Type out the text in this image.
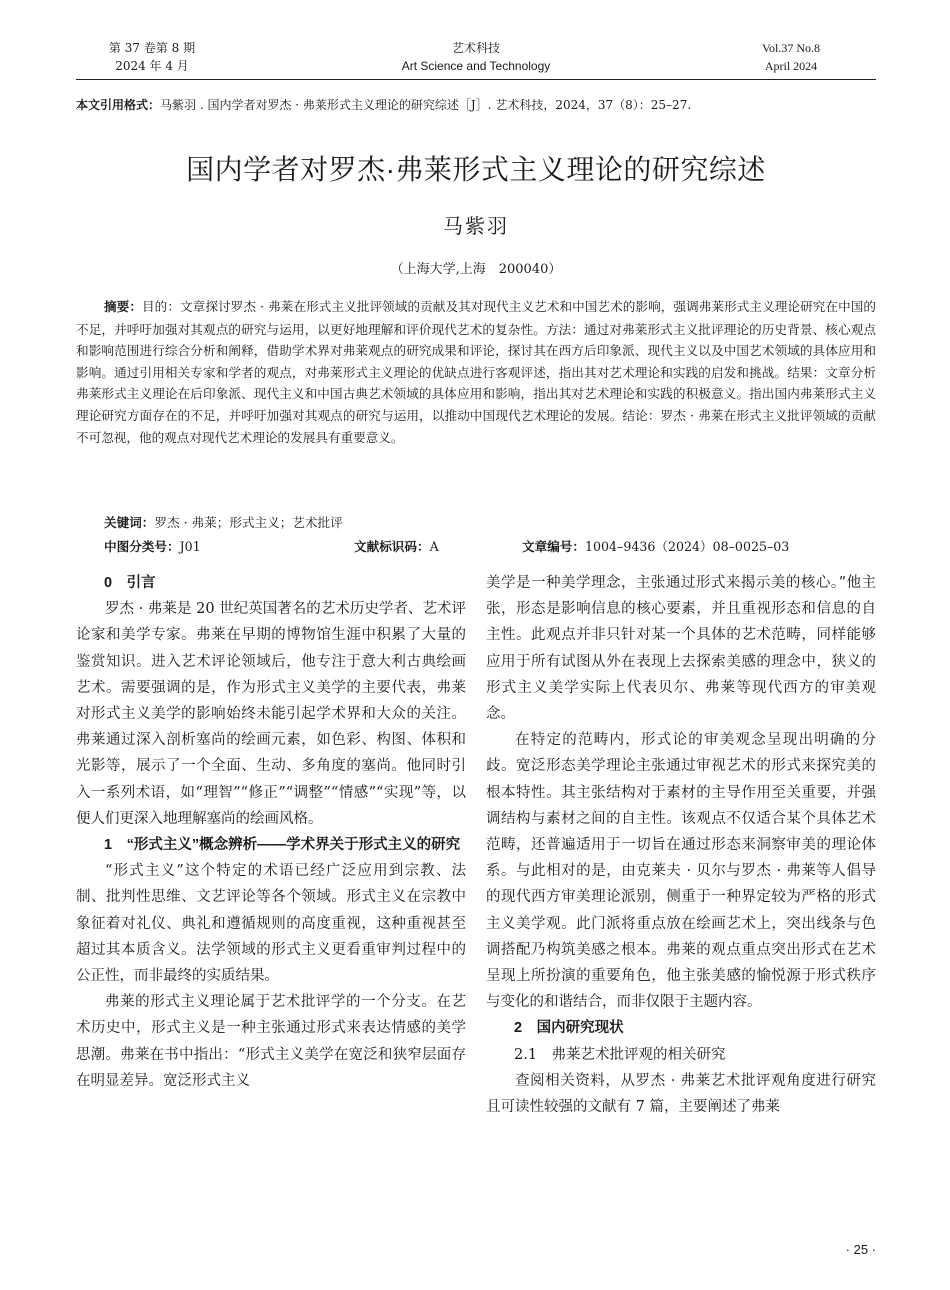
第 37 卷第 8 期
2024 年 4 月
艺术科技
Art Science and Technology
Vol.37 No.8
April 2024
本文引用格式：马紫羽 . 国内学者对罗杰 · 弗莱形式主义理论的研究综述［J］. 艺术科技，2024，37（8）：25–27.
国内学者对罗杰·弗莱形式主义理论的研究综述
马紫羽
（上海大学,上海　200040）
摘要：目的：文章探讨罗杰 · 弗莱在形式主义批评领域的贡献及其对现代主义艺术和中国艺术的影响，强调弗莱形式主义理论研究在中国的不足，并呼吁加强对其观点的研究与运用，以更好地理解和评价现代艺术的复杂性。方法：通过对弗莱形式主义批评理论的历史背景、核心观点和影响范围进行综合分析和阐释，借助学术界对弗莱观点的研究成果和评论，探讨其在西方后印象派、现代主义以及中国艺术领域的具体应用和影响。通过引用相关专家和学者的观点，对弗莱形式主义理论的优缺点进行客观评述，指出其对艺术理论和实践的启发和挑战。结果：文章分析弗莱形式主义理论在后印象派、现代主义和中国古典艺术领域的具体应用和影响，指出其对艺术理论和实践的积极意义。指出国内弗莱形式主义理论研究方面存在的不足，并呼吁加强对其观点的研究与运用，以推动中国现代艺术理论的发展。结论：罗杰 · 弗莱在形式主义批评领域的贡献不可忽视，他的观点对现代艺术理论的发展具有重要意义。
关键词：罗杰 · 弗莱；形式主义；艺术批评
中图分类号：J01	文献标识码：A	文章编号：1004–9436（2024）08–0025–03

0　引言

罗杰 · 弗莱是 20 世纪英国著名的艺术历史学者、艺术评论家和美学专家。弗莱在早期的博物馆生涯中积累了大量的鉴赏知识。进入艺术评论领域后，他专注于意大利古典绘画艺术。需要强调的是，作为形式主义美学的主要代表，弗莱对形式主义美学的影响始终未能引起学术界和大众的关注。弗莱通过深入剖析塞尚的绘画元素，如色彩、构图、体积和光影等，展示了一个全面、生动、多角度的塞尚。他同时引入一系列术语，如“理智”“修正”“调整”“情感”“实现”等，以便人们更深入地理解塞尚的绘画风格。

1　 “形式主义”概念辨析——学术界关于形式主义的研究

“形式主义”这个特定的术语已经广泛应用到宗教、法制、批判性思维、文艺评论等各个领域。形式主义在宗教中象征着对礼仪、典礼和遵循规则的高度重视，这种重视甚至超过其本质含义。法学领域的形式主义更看重审判过程中的公正性，而非最终的实质结果。

弗莱的形式主义理论属于艺术批评学的一个分支。在艺术历史中，形式主义是一种主张通过形式来表达情感的美学思潮。弗莱在书中指出：“形式主义美学在宽泛和狭窄层面存在明显差异。宽泛形式主义

美学是一种美学理念，主张通过形式来揭示美的核心。”他主张，形态是影响信息的核心要素，并且重视形态和信息的自主性。此观点并非只针对某一个具体的艺术范畴，同样能够应用于所有试图从外在表现上去探索美感的理念中，狭义的形式主义美学实际上代表贝尔、弗莱等现代西方的审美观念。

在特定的范畴内，形式论的审美观念呈现出明确的分歧。宽泛形态美学理论主张通过审视艺术的形式来探究美的根本特性。其主张结构对于素材的主导作用至关重要，并强调结构与素材之间的自主性。该观点不仅适合某个具体艺术范畴，还普遍适用于一切旨在通过形态来洞察审美的理论体系。与此相对的是，由克莱夫 · 贝尔与罗杰 · 弗莱等人倡导的现代西方审美理论派别，侧重于一种界定较为严格的形式主义美学观。此门派将重点放在绘画艺术上，突出线条与色调搭配乃构筑美感之根本。弗莱的观点重点突出形式在艺术呈现上所扮演的重要角色，他主张美感的愉悦源于形式秩序与变化的和谐结合，而非仅限于主题内容。

2　国内研究现状

2.1　弗莱艺术批评观的相关研究

查阅相关资料，从罗杰 · 弗莱艺术批评观角度进行研究且可读性较强的文献有 7 篇，主要阐述了弗莱

· 25 ·
